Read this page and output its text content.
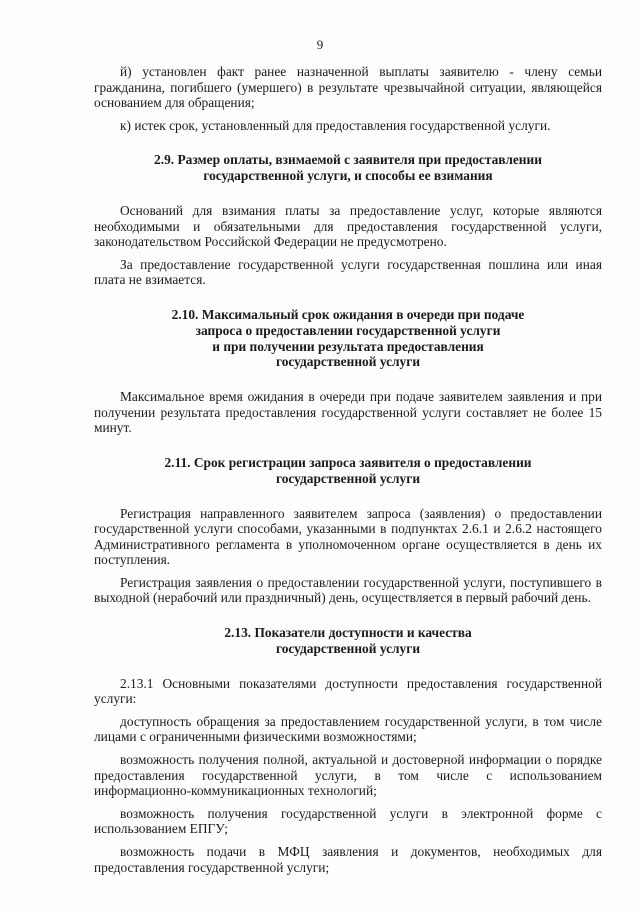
9

й) установлен факт ранее назначенной выплаты заявителю - члену семьи гражданина, погибшего (умершего) в результате чрезвычайной ситуации, являющейся основанием для обращения;

к) истек срок, установленный для предоставления государственной услуги.

2.9. Размер оплаты, взимаемой с заявителя при предоставлении
государственной услуги, и способы ее взимания

Оснований для взимания платы за предоставление услуг, которые являются необходимыми и обязательными для предоставления государственной услуги, законодательством Российской Федерации не предусмотрено.

За предоставление государственной услуги государственная пошлина или иная плата не взимается.

2.10. Максимальный срок ожидания в очереди при подаче
запроса о предоставлении государственной услуги
и при получении результата предоставления
государственной услуги

Максимальное время ожидания в очереди при подаче заявителем заявления и при получении результата предоставления государственной услуги составляет не более 15 минут.

2.11. Срок регистрации запроса заявителя о предоставлении
государственной услуги

Регистрация направленного заявителем запроса (заявления) о предоставлении государственной услуги способами, указанными в подпунктах 2.6.1 и 2.6.2 настоящего Административного регламента в уполномоченном органе осуществляется в день их поступления.

Регистрация заявления о предоставлении государственной услуги, поступившего в выходной (нерабочий или праздничный) день, осуществляется в первый рабочий день.

2.13. Показатели доступности и качества
государственной услуги

2.13.1 Основными показателями доступности предоставления государственной услуги:

доступность обращения за предоставлением государственной услуги, в том числе лицами с ограниченными физическими возможностями;

возможность получения полной, актуальной и достоверной информации о порядке предоставления государственной услуги, в том числе с использованием информационно-коммуникационных технологий;

возможность получения государственной услуги в электронной форме с использованием ЕПГУ;

возможность подачи в МФЦ заявления и документов, необходимых для предоставления государственной услуги;
